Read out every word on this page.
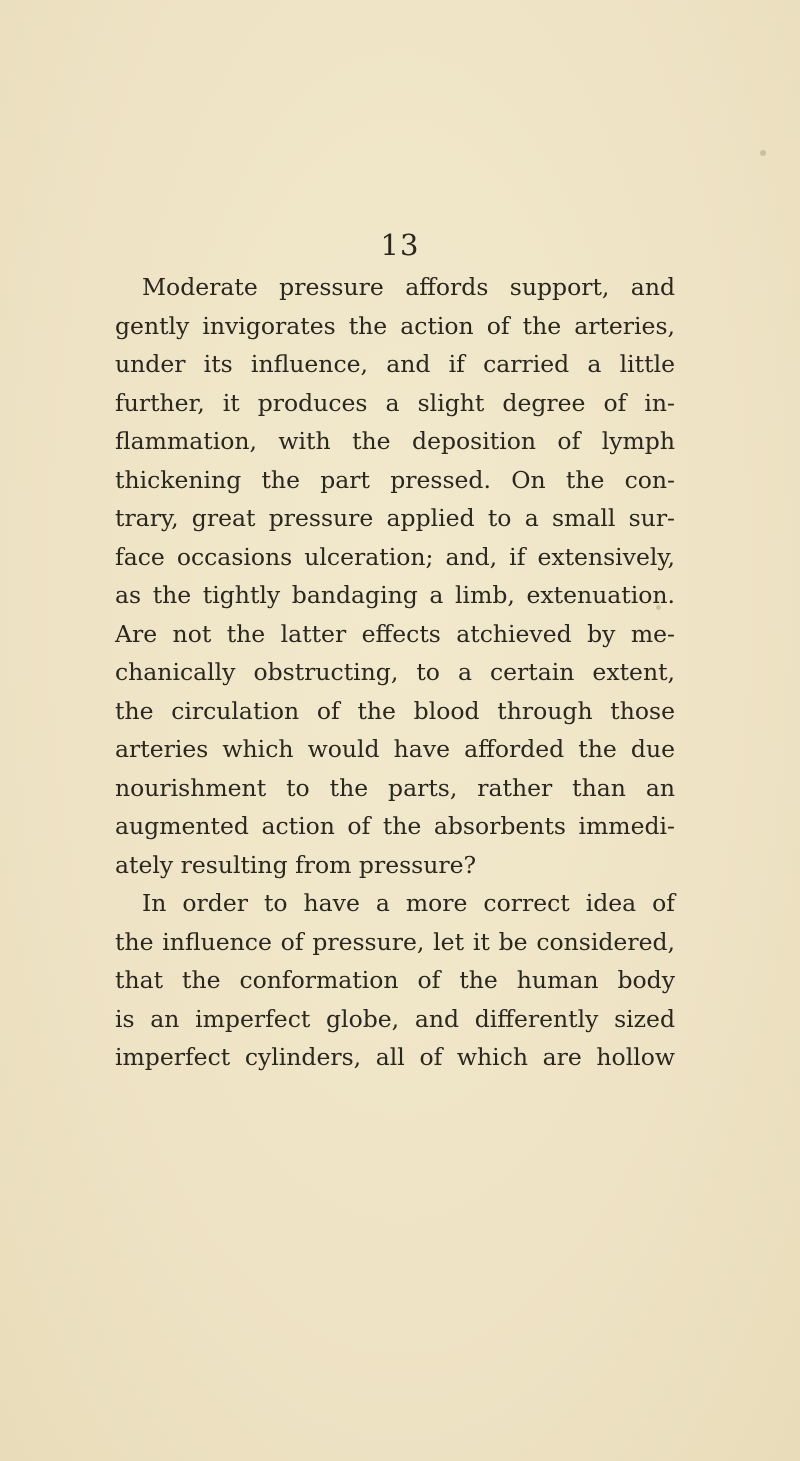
13
Moderate pressure affords support, and
gently invigorates the action of the arteries,
under its influence, and if carried a little
further, it produces a slight degree of in-
flammation, with the deposition of lymph
thickening the part pressed. On the con-
trary, great pressure applied to a small sur-
face occasions ulceration; and, if extensively,
as the tightly bandaging a limb, extenuation.
Are not the latter effects atchieved by me-
chanically obstructing, to a certain extent,
the circulation of the blood through those
arteries which would have afforded the due
nourishment to the parts, rather than an
augmented action of the absorbents immedi-
ately resulting from pressure?
In order to have a more correct idea of
the influence of pressure, let it be considered,
that the conformation of the human body
is an imperfect globe, and differently sized
imperfect cylinders, all of which are hollow
